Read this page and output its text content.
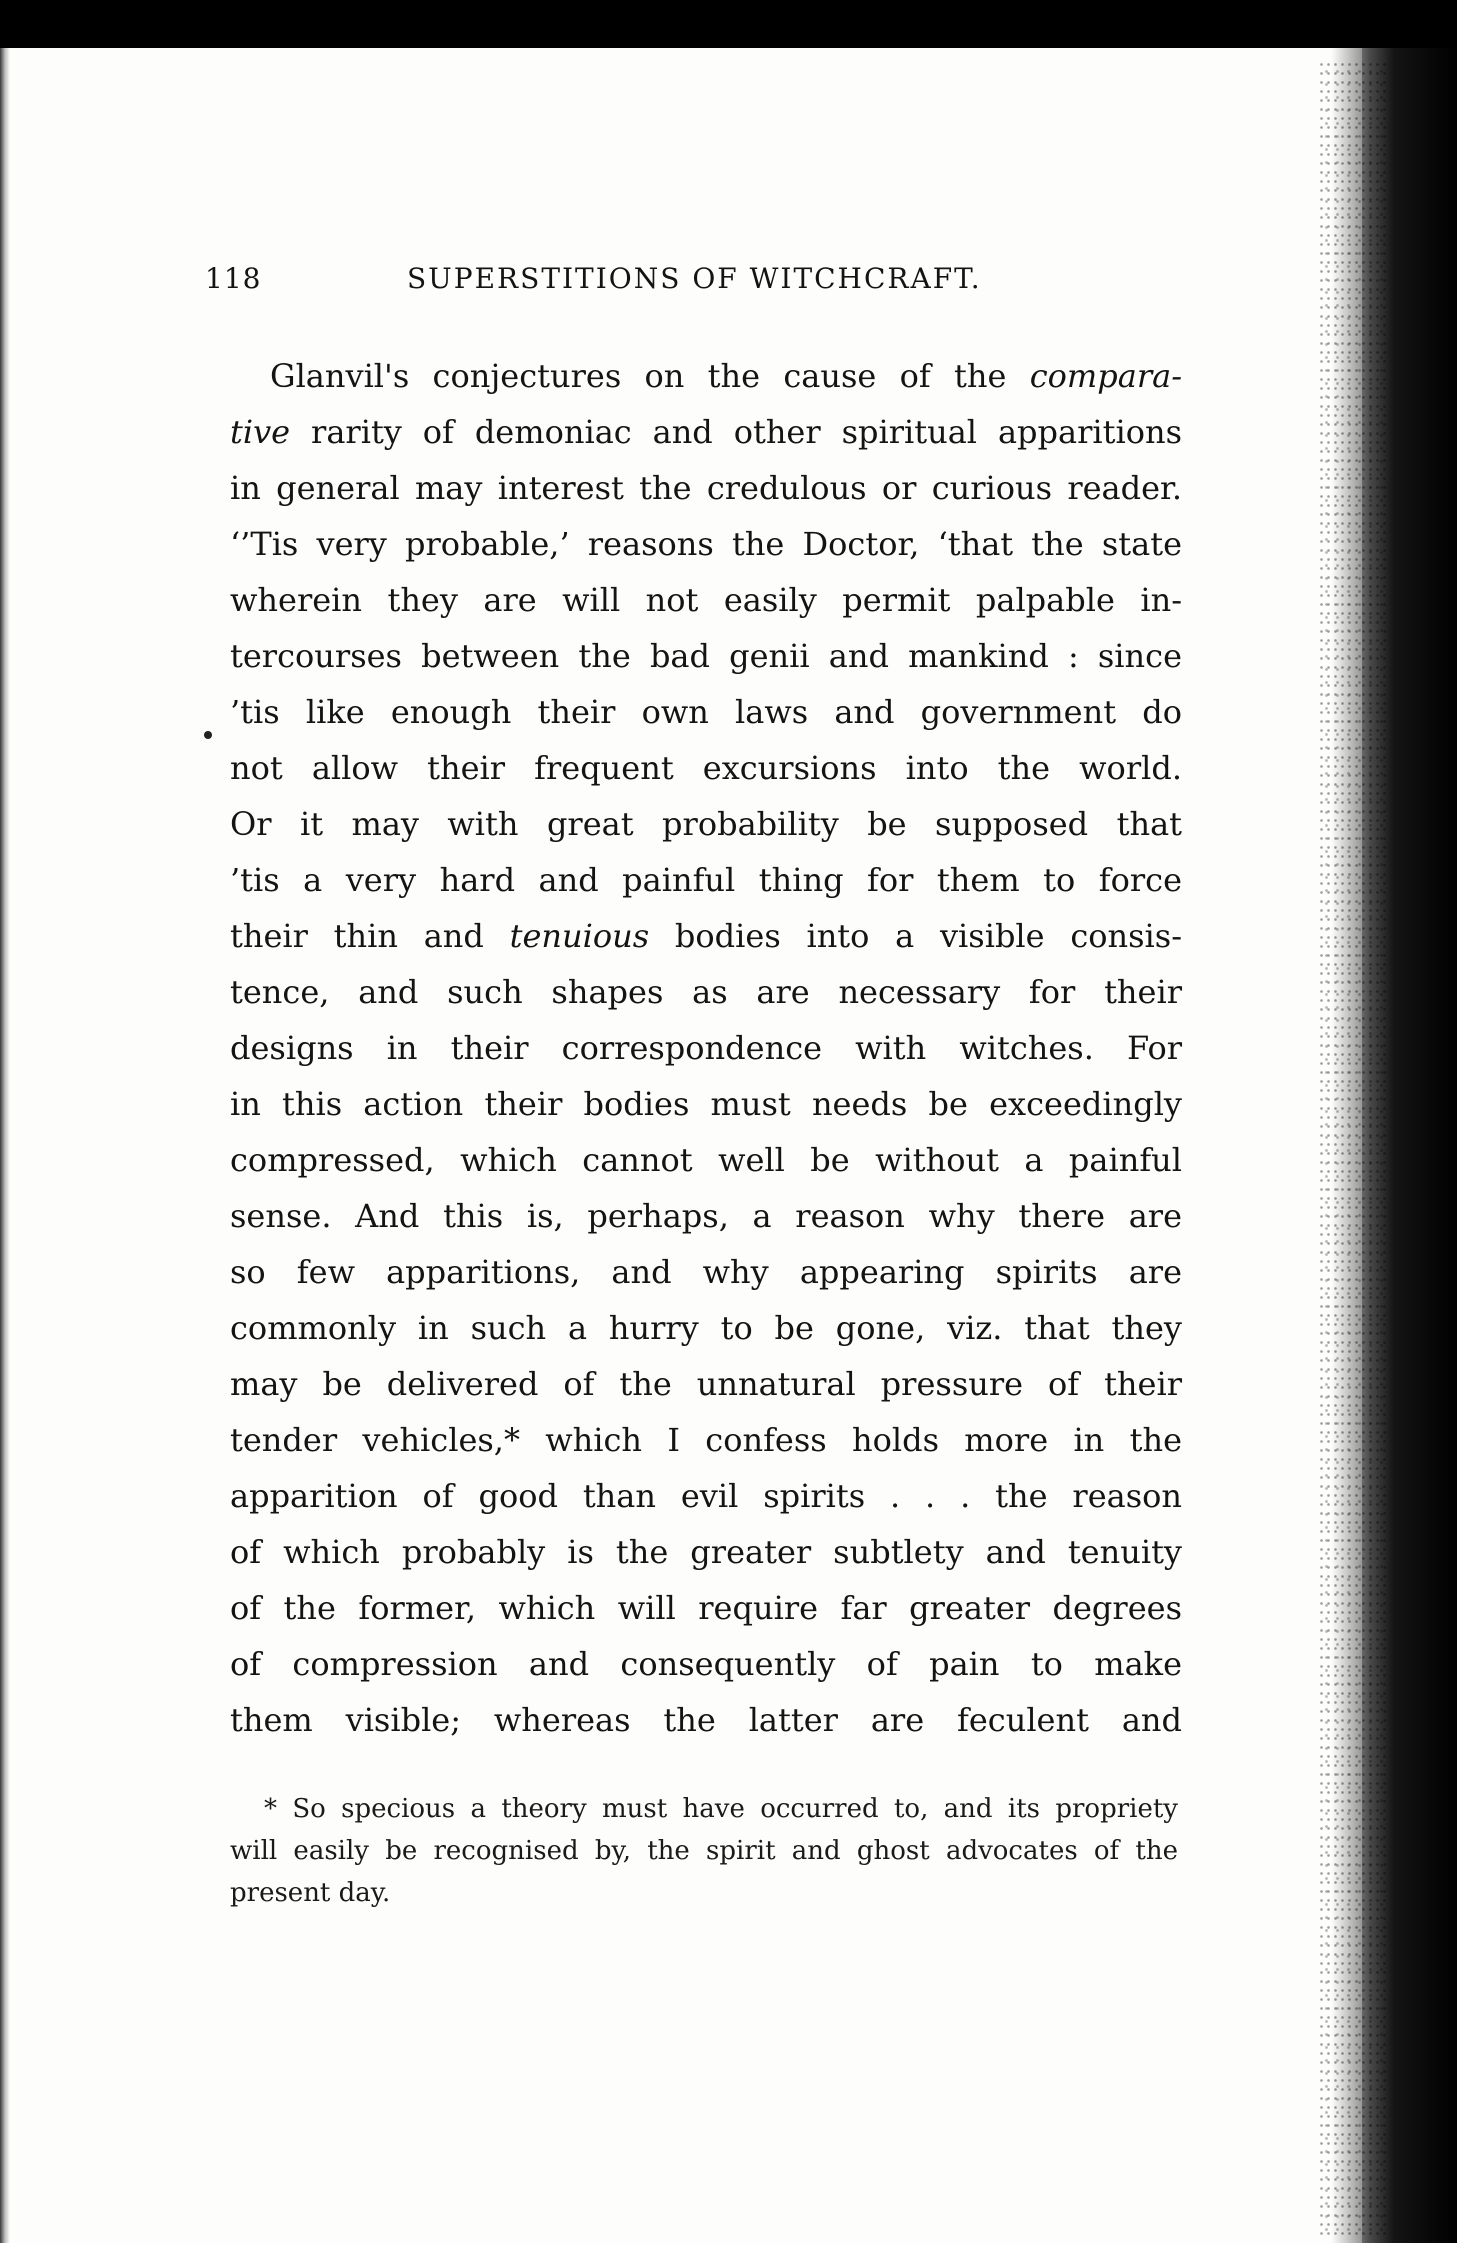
118	SUPERSTITIONS OF WITCHCRAFT.
Glanvil's conjectures on the cause of the compara-
tive rarity of demoniac and other spiritual apparitions
in general may interest the credulous or curious reader.
‘’Tis very probable,’ reasons the Doctor, ‘that the state
wherein they are will not easily permit palpable in-
tercourses between the bad genii and mankind : since
’tis like enough their own laws and government do
not allow their frequent excursions into the world.
Or it may with great probability be supposed that
’tis a very hard and painful thing for them to force
their thin and tenuious bodies into a visible consis-
tence, and such shapes as are necessary for their
designs in their correspondence with witches. For
in this action their bodies must needs be exceedingly
compressed, which cannot well be without a painful
sense. And this is, perhaps, a reason why there are
so few apparitions, and why appearing spirits are
commonly in such a hurry to be gone, viz. that they
may be delivered of the unnatural pressure of their
tender vehicles,* which I confess holds more in the
apparition of good than evil spirits . . . the reason
of which probably is the greater subtlety and tenuity
of the former, which will require far greater degrees
of compression and consequently of pain to make
them visible; whereas the latter are feculent and
* So specious a theory must have occurred to, and its propriety
will easily be recognised by, the spirit and ghost advocates of the
present day.
